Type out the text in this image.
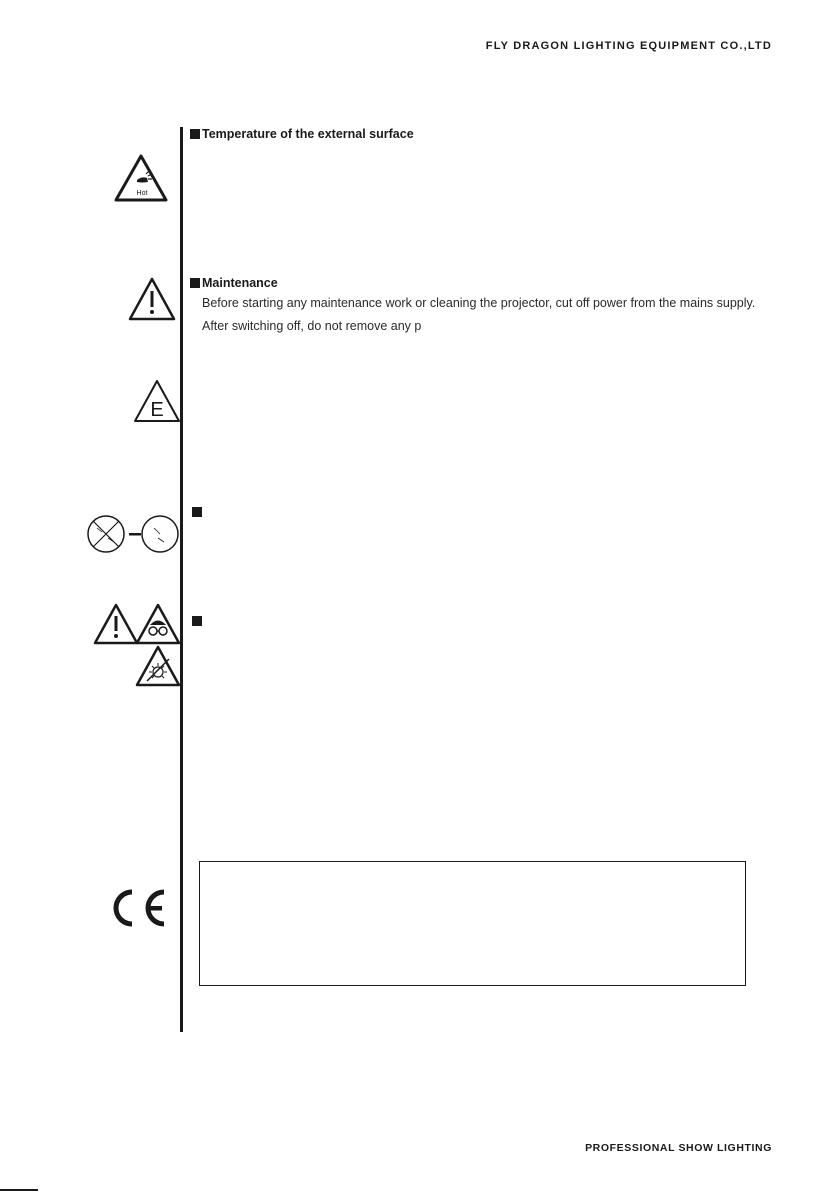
FLY DRAGON LIGHTING EQUIPMENT CO.,LTD
Hot
Temperature of the external surface
Maintenance
Before starting any maintenance work or cleaning the projector, cut off power from the mains supply.
After switching off, do not remove any p
E
PROFESSIONAL SHOW LIGHTING
